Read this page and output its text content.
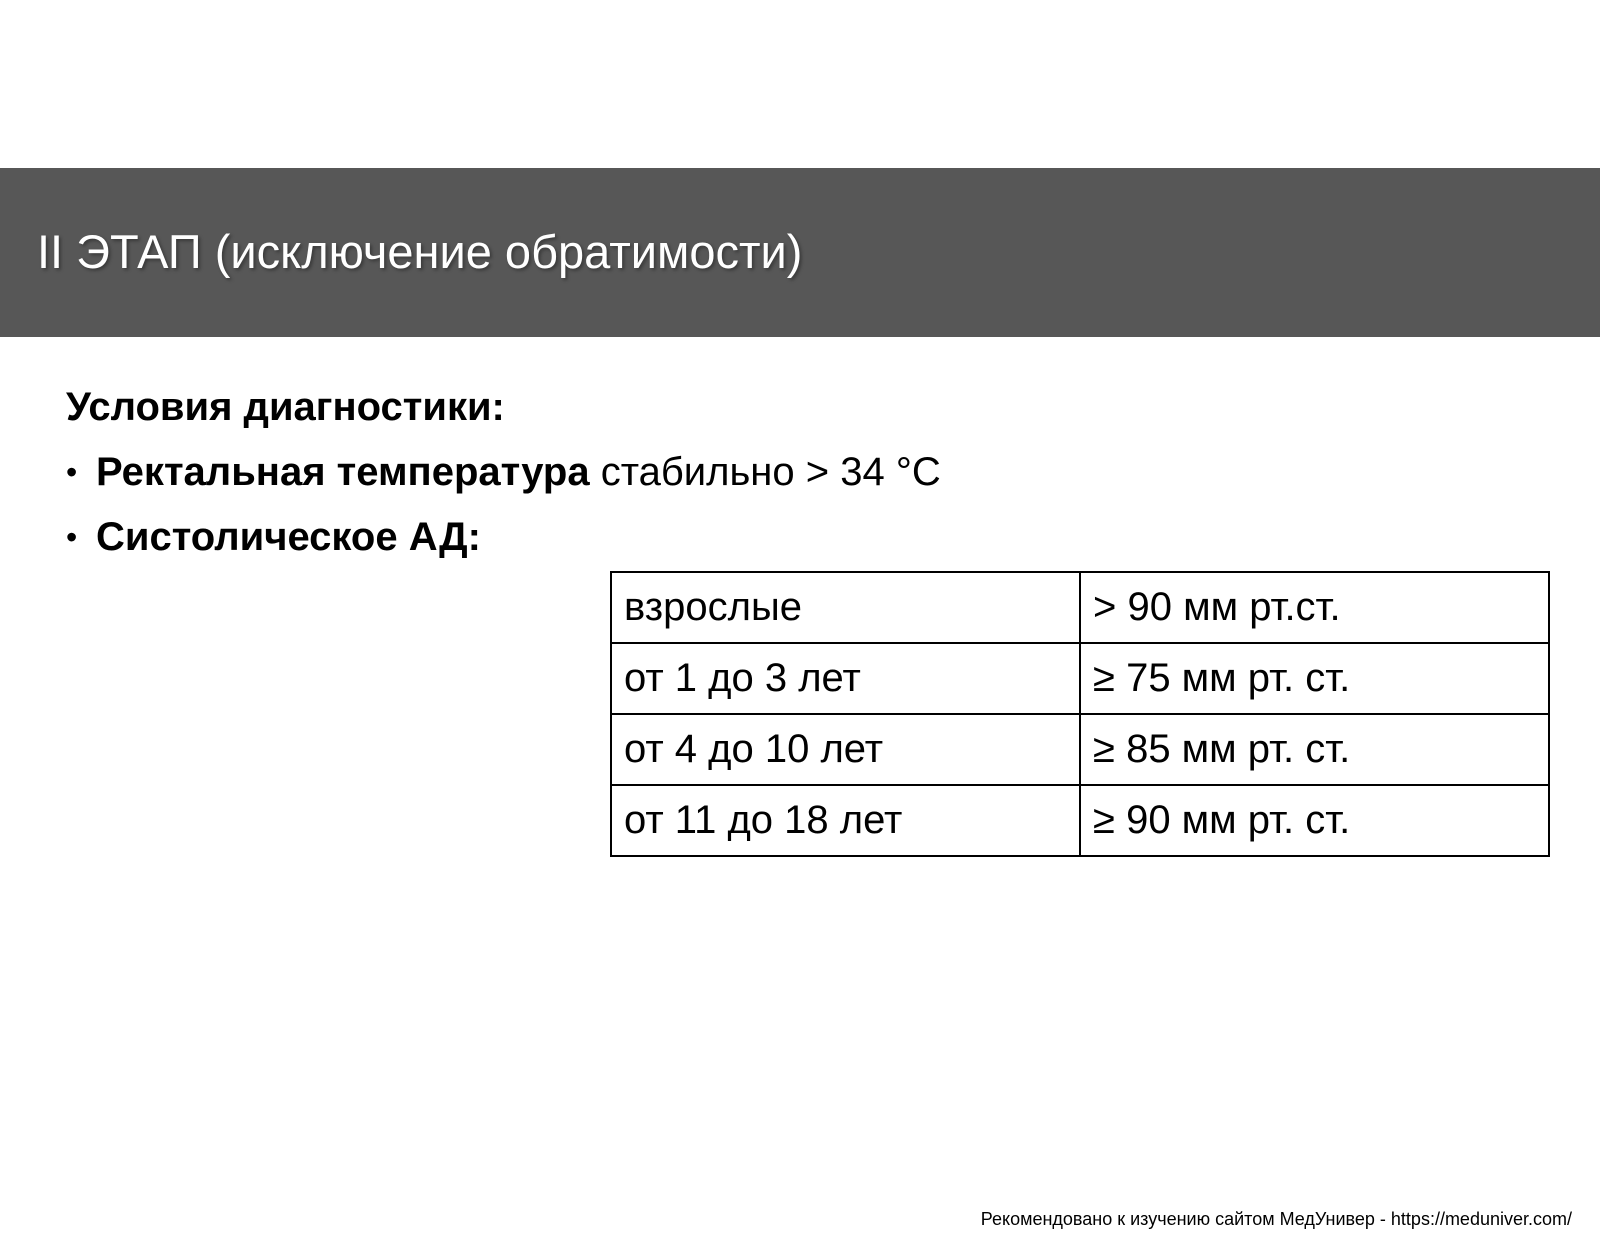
II ЭТАП (исключение обратимости)
Условия диагностики:
• Ректальная температура стабильно > 34 °С
• Систолическое АД:
взрослые	> 90 мм рт.ст.
от 1 до 3 лет	≥ 75 мм рт. ст.
от 4 до 10 лет	≥ 85 мм рт. ст.
от 11 до 18 лет	≥ 90 мм рт. ст.
Рекомендовано к изучению сайтом МедУнивер - https://meduniver.com/
